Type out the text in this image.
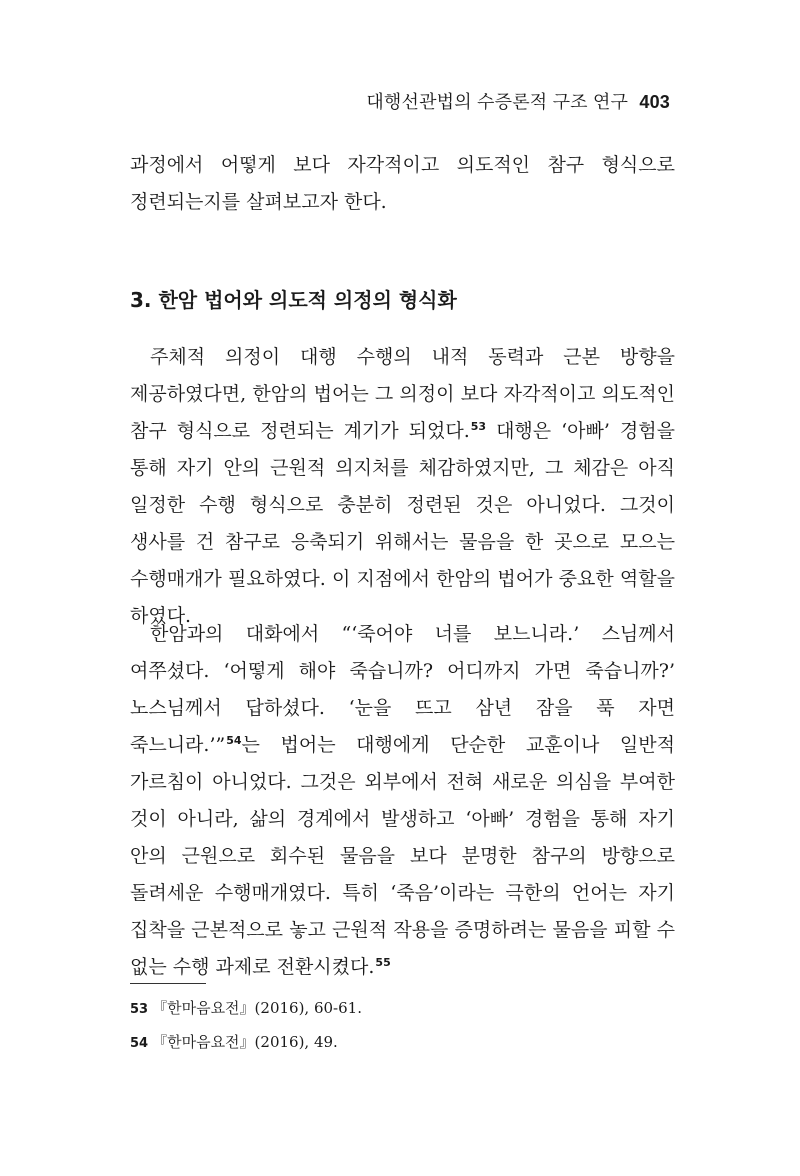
대행선관법의 수증론적 구조 연구 403

과정에서 어떻게 보다 자각적이고 의도적인 참구 형식으로 정련되는지를 살펴보고자 한다.

3. 한암 법어와 의도적 의정의 형식화

주체적 의정이 대행 수행의 내적 동력과 근본 방향을 제공하였다면, 한암의 법어는 그 의정이 보다 자각적이고 의도적인 참구 형식으로 정련되는 계기가 되었다.$^{53}$ 대행은 ‘아빠’ 경험을 통해 자기 안의 근원적 의지처를 체감하였지만, 그 체감은 아직 일정한 수행 형식으로 충분히 정련된 것은 아니었다. 그것이 생사를 건 참구로 응축되기 위해서는 물음을 한 곳으로 모으는 수행매개가 필요하였다. 이 지점에서 한암의 법어가 중요한 역할을 하였다.

한암과의 대화에서 “‘죽어야 너를 보느니라.’ 스님께서 여쭈셨다. ‘어떻게 해야 죽습니까? 어디까지 가면 죽습니까?’ 노스님께서 답하셨다. ‘눈을 뜨고 삼년 잠을 푹 자면 죽느니라.’”$^{54}$는 법어는 대행에게 단순한 교훈이나 일반적 가르침이 아니었다. 그것은 외부에서 전혀 새로운 의심을 부여한 것이 아니라, 삶의 경계에서 발생하고 ‘아빠’ 경험을 통해 자기 안의 근원으로 회수된 물음을 보다 분명한 참구의 방향으로 돌려세운 수행매개였다. 특히 ‘죽음’이라는 극한의 언어는 자기 집착을 근본적으로 놓고 근원적 작용을 증명하려는 물음을 피할 수 없는 수행 과제로 전환시켰다.$^{55}$

53 『한마음요전』(2016), 60-61.
54 『한마음요전』(2016), 49.
